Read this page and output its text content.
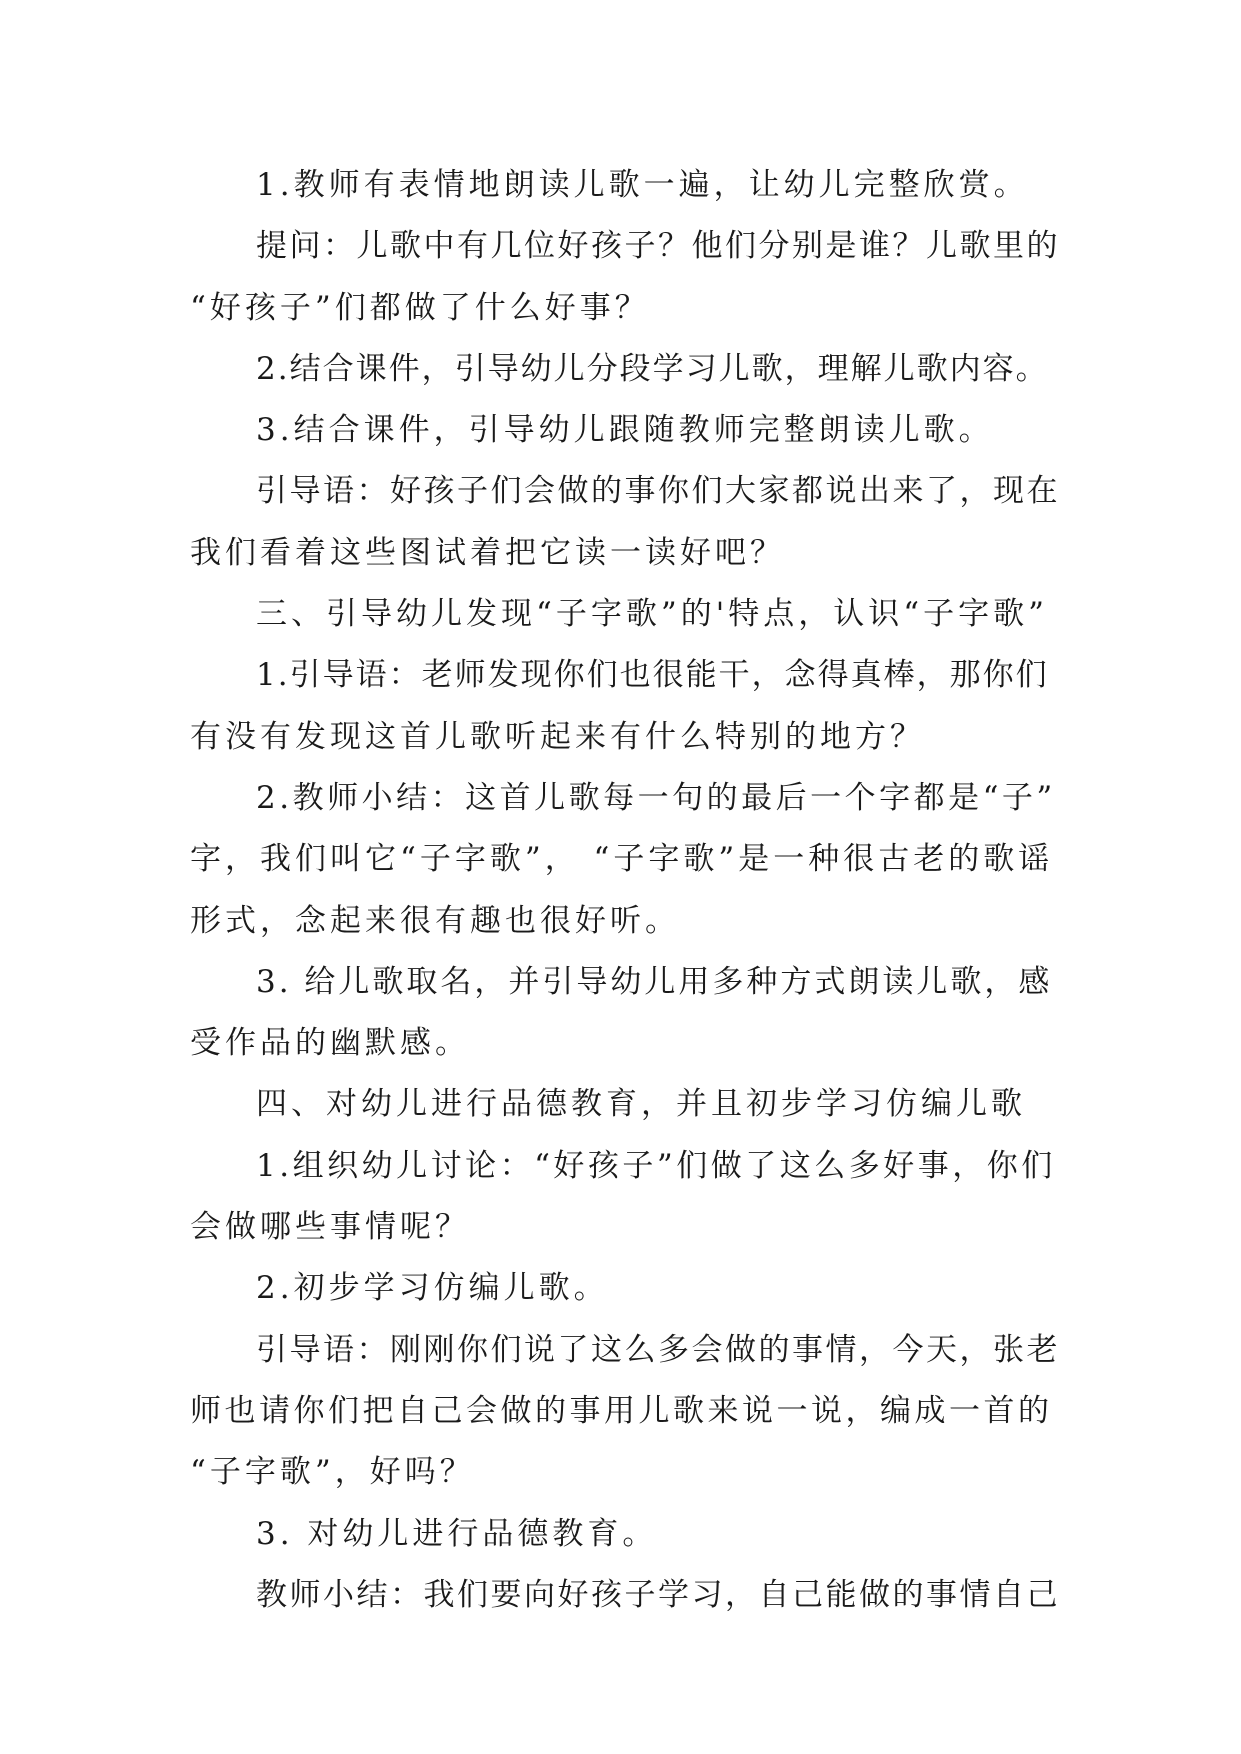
1.教师有表情地朗读儿歌一遍，让幼儿完整欣赏。
提问：儿歌中有几位好孩子？他们分别是谁？儿歌里的
“好孩子”们都做了什么好事？
2.结合课件，引导幼儿分段学习儿歌，理解儿歌内容。
3.结合课件，引导幼儿跟随教师完整朗读儿歌。
引导语：好孩子们会做的事你们大家都说出来了，现在
我们看着这些图试着把它读一读好吧？
三、引导幼儿发现“子字歌”的'特点，认识“子字歌”
1.引导语：老师发现你们也很能干，念得真棒，那你们
有没有发现这首儿歌听起来有什么特别的地方？
2.教师小结：这首儿歌每一句的最后一个字都是“子”
字，我们叫它“子字歌”， “子字歌”是一种很古老的歌谣
形式，念起来很有趣也很好听。
3. 给儿歌取名，并引导幼儿用多种方式朗读儿歌，感
受作品的幽默感。
四、对幼儿进行品德教育，并且初步学习仿编儿歌
1.组织幼儿讨论：“好孩子”们做了这么多好事，你们
会做哪些事情呢？
2.初步学习仿编儿歌。
引导语：刚刚你们说了这么多会做的事情，今天，张老
师也请你们把自己会做的事用儿歌来说一说，编成一首的
“子字歌”，好吗？
3. 对幼儿进行品德教育。
教师小结：我们要向好孩子学习，自己能做的事情自己
